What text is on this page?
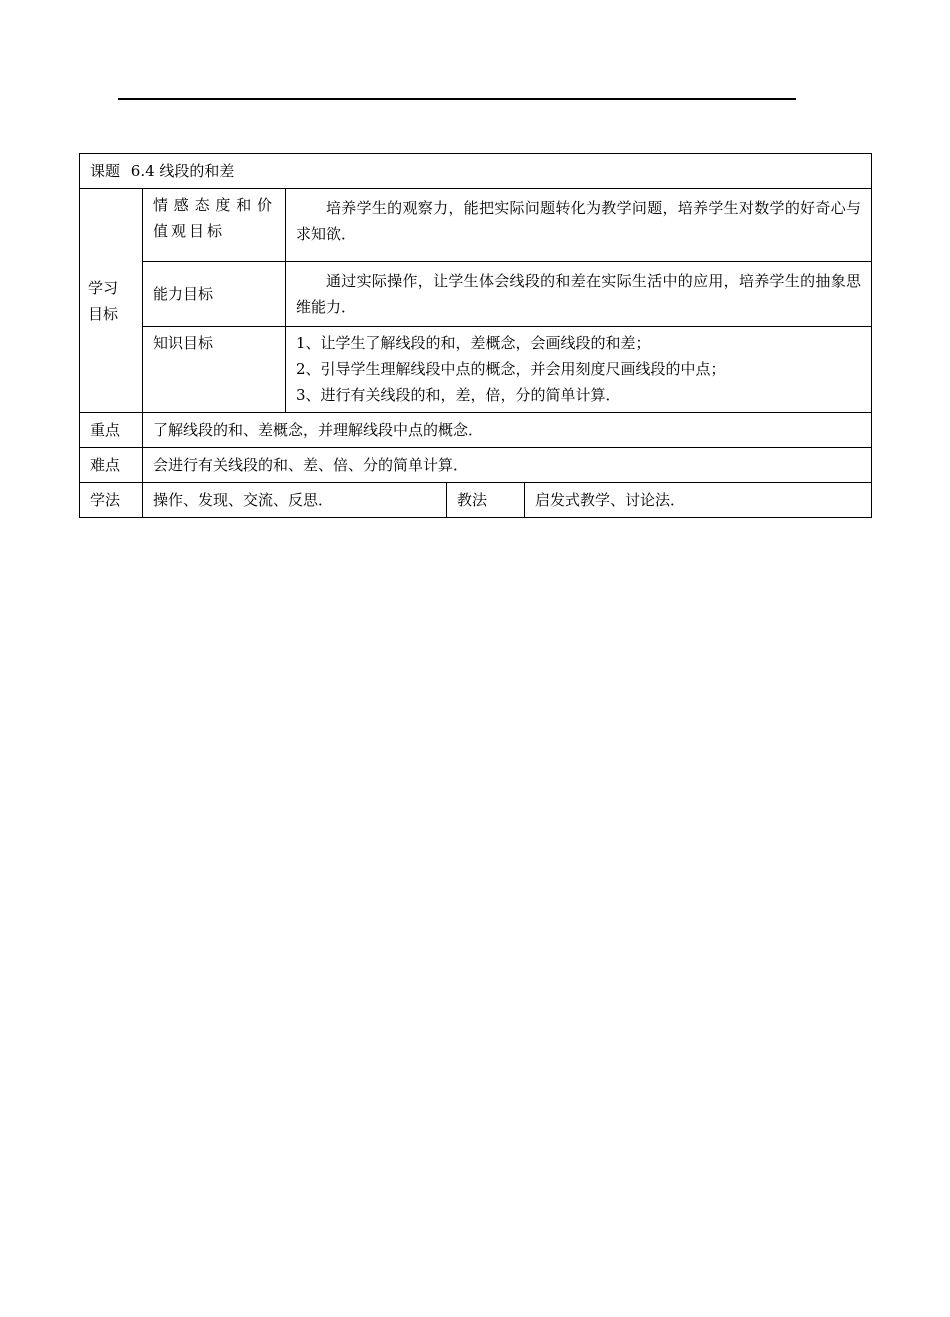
课题 6.4 线段的和差				

学习目标	情感态度和价值观目标	培养学生的观察力，能把实际问题转化为教学问题，培养学生对数学的好奇心与求知欲．		
	能力目标	通过实际操作，让学生体会线段的和差在实际生活中的应用，培养学生的抽象思维能力．		
	知识目标	1、让学生了解线段的和，差概念，会画线段的和差；
2、引导学生理解线段中点的概念，并会用刻度尺画线段的中点；
3、进行有关线段的和，差，倍，分的简单计算．		

重点	了解线段的和、差概念，并理解线段中点的概念．			
难点	会进行有关线段的和、差、倍、分的简单计算．			
学法	操作、发现、交流、反思．		教法	启发式教学、讨论法．
